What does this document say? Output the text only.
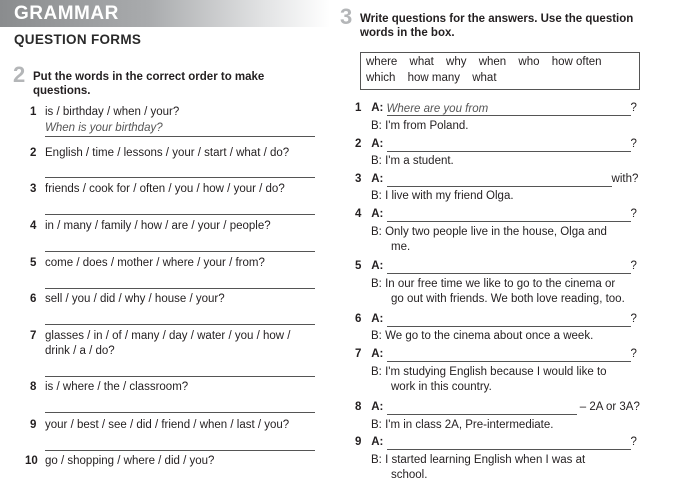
GRAMMAR
QUESTION FORMS
2 Put the words in the correct order to make
questions.
1 is / birthday / when / your?
When is your birthday?
2 English / time / lessons / your / start / what / do?
3 friends / cook for / often / you / how / your / do?
4 in / many / family / how / are / your / people?
5 come / does / mother / where / your / from?
6 sell / you / did / why / house / your?
7 glasses / in / of / many / day / water / you / how /
drink / a / do?
8 is / where / the / classroom?
9 your / best / see / did / friend / when / last / you?
10 go / shopping / where / did / you?
3 Write questions for the answers. Use the question
words in the box.
where what why when who how often
which how many what
1 A: Where are you from	?
B: I'm from Poland.
2 A:	?
B: I'm a student.
3 A:	with?
B: I live with my friend Olga.
4 A:	?
B: Only two people live in the house, Olga and
me.
5 A:	?
B: In our free time we like to go to the cinema or
go out with friends. We both love reading, too.
6 A:	?
B: We go to the cinema about once a week.
7 A:	?
B: I'm studying English because I would like to
work in this country.
8 A:	– 2A or 3A?
B: I'm in class 2A, Pre-intermediate.
9 A:	?
B: I started learning English when I was at
school.
